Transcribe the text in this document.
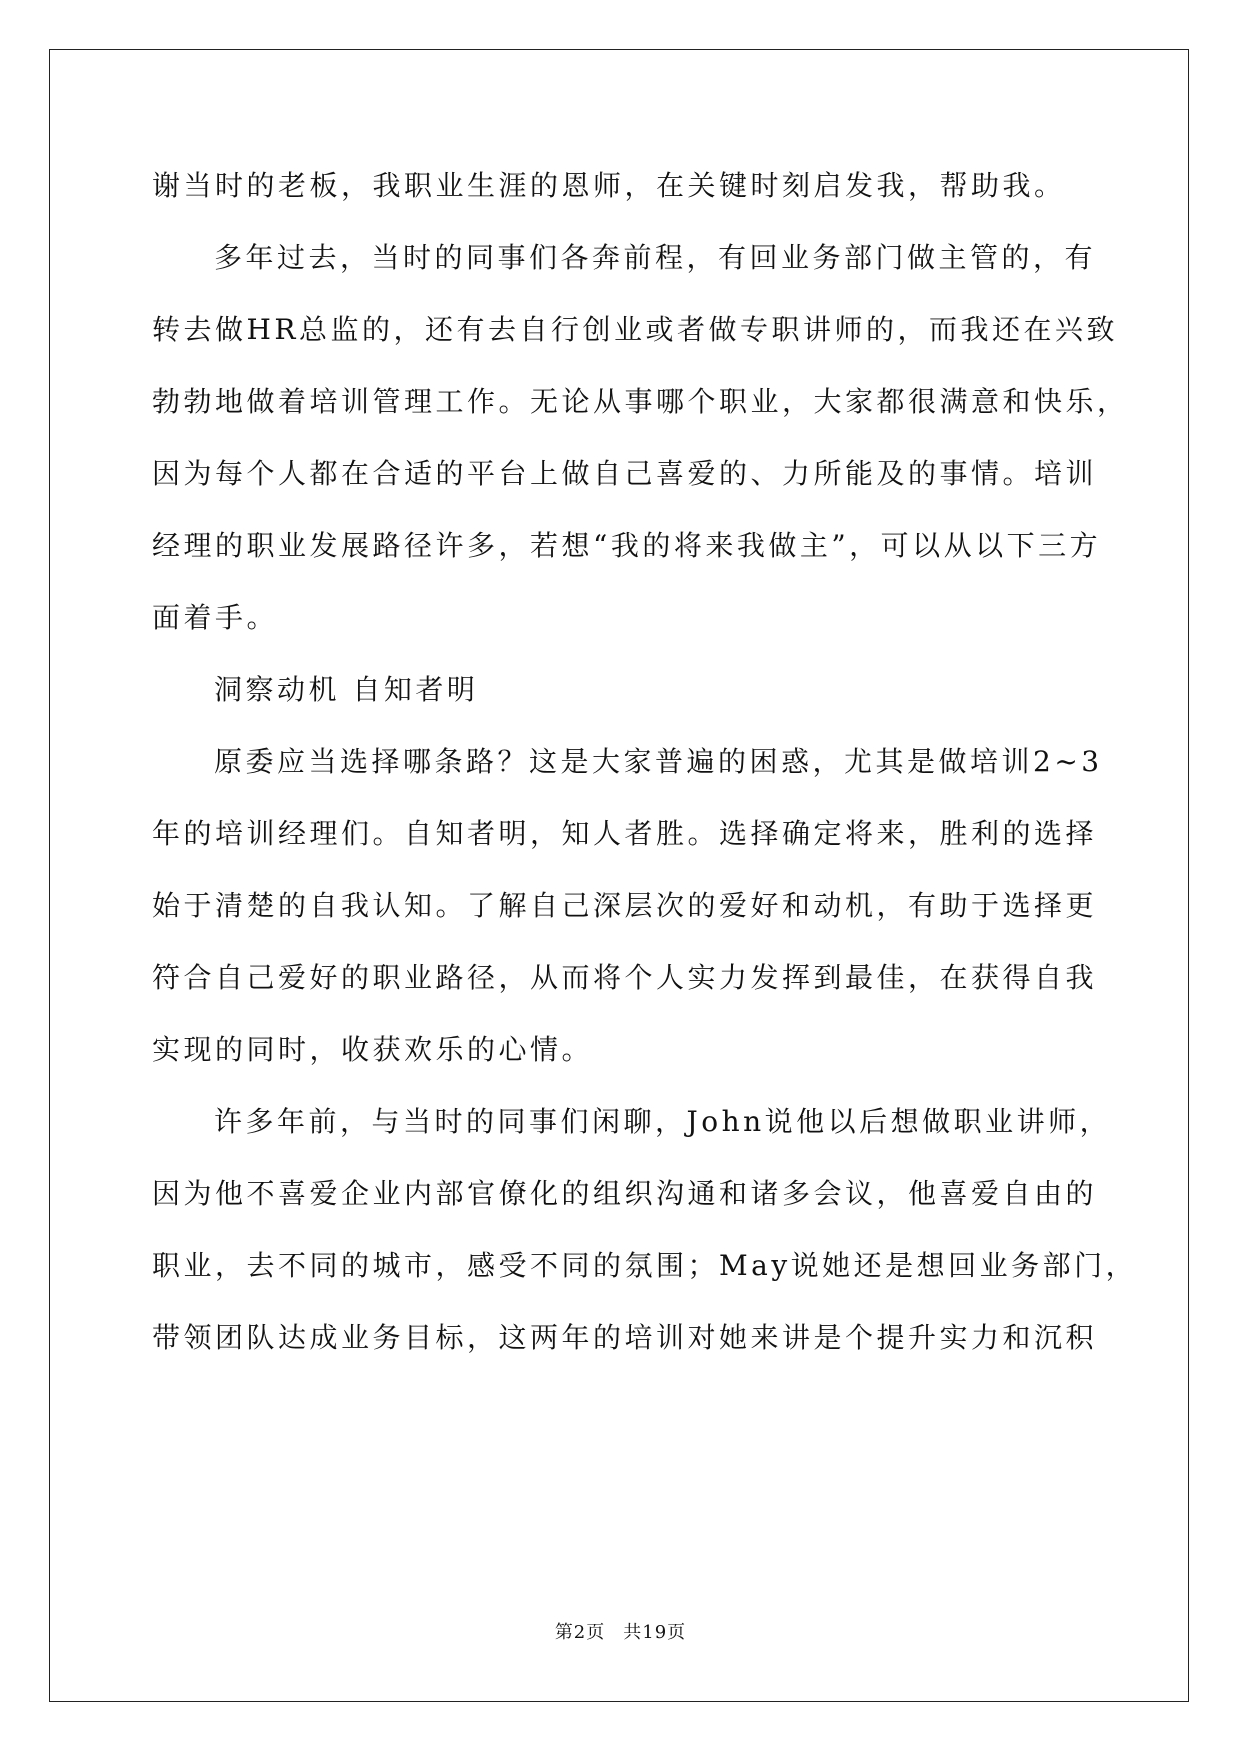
谢当时的老板，我职业生涯的恩师，在关键时刻启发我，帮助我。
多年过去，当时的同事们各奔前程，有回业务部门做主管的，有
转去做HR总监的，还有去自行创业或者做专职讲师的，而我还在兴致
勃勃地做着培训管理工作。无论从事哪个职业，大家都很满意和快乐，
因为每个人都在合适的平台上做自己喜爱的、力所能及的事情。培训
经理的职业发展路径许多，若想“我的将来我做主”，可以从以下三方
面着手。
洞察动机 自知者明
原委应当选择哪条路？这是大家普遍的困惑，尤其是做培训2~3
年的培训经理们。自知者明，知人者胜。选择确定将来，胜利的选择
始于清楚的自我认知。了解自己深层次的爱好和动机，有助于选择更
符合自己爱好的职业路径，从而将个人实力发挥到最佳，在获得自我
实现的同时，收获欢乐的心情。
许多年前，与当时的同事们闲聊，John说他以后想做职业讲师，
因为他不喜爱企业内部官僚化的组织沟通和诸多会议，他喜爱自由的
职业，去不同的城市，感受不同的氛围；May说她还是想回业务部门，
带领团队达成业务目标，这两年的培训对她来讲是个提升实力和沉积
第2页 共19页
